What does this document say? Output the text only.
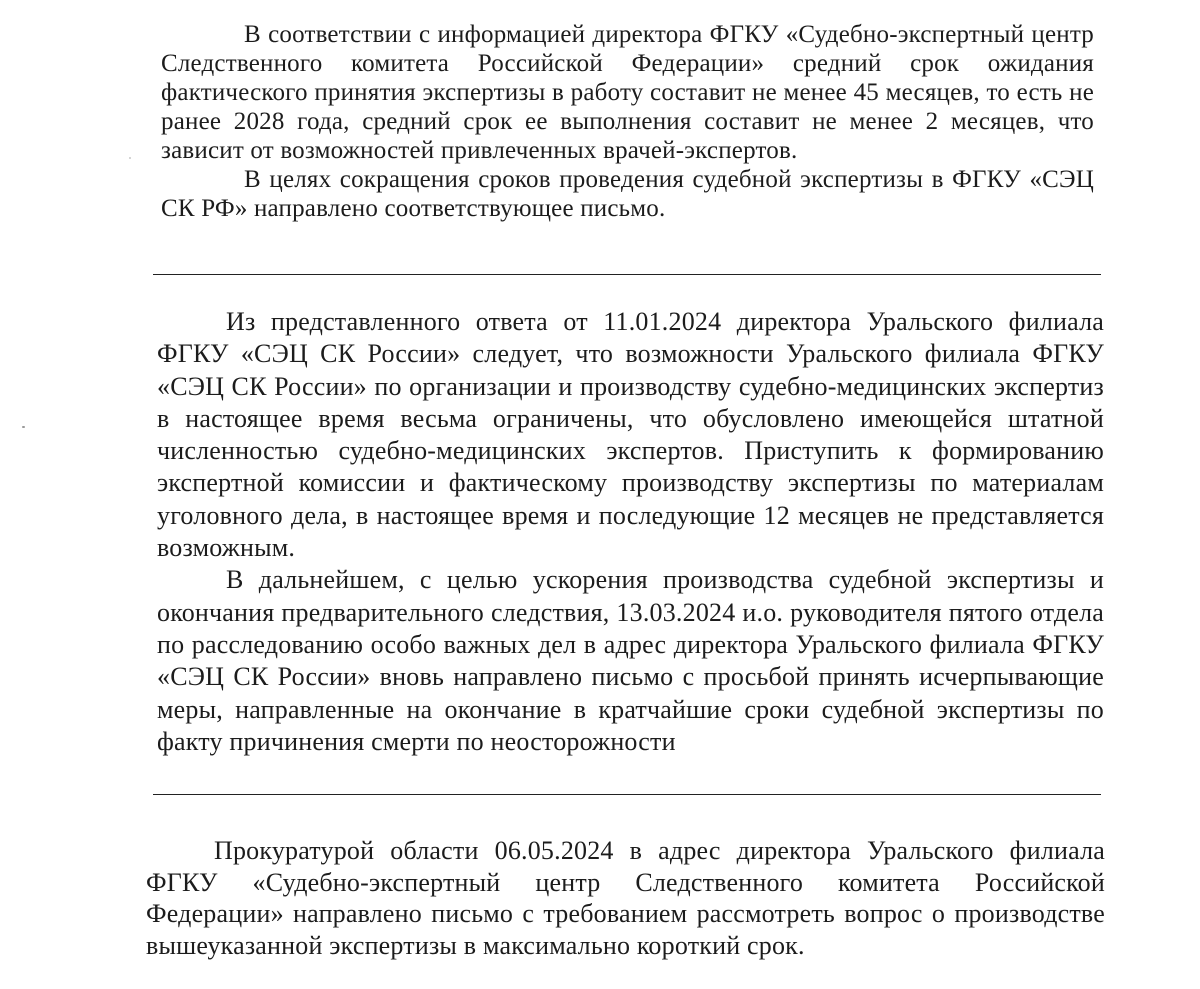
В соответствии с информацией директора ФГКУ «Судебно-экспертный центр Следственного комитета Российской Федерации» средний срок ожидания фактического принятия экспертизы в работу составит не менее 45 месяцев, то есть не ранее 2028 года, средний срок ее выполнения составит не менее 2 месяцев, что зависит от возможностей привлеченных врачей-экспертов.

В целях сокращения сроков проведения судебной экспертизы в ФГКУ «СЭЦ СК РФ» направлено соответствующее письмо.

Из представленного ответа от 11.01.2024 директора Уральского филиала ФГКУ «СЭЦ СК России» следует, что возможности Уральского филиала ФГКУ «СЭЦ СК России» по организации и производству судебно-медицинских экспертиз в настоящее время весьма ограничены, что обусловлено имеющейся штатной численностью судебно-медицинских экспертов. Приступить к формированию экспертной комиссии и фактическому производству экспертизы по материалам уголовного дела, в настоящее время и последующие 12 месяцев не представляется возможным.

В дальнейшем, с целью ускорения производства судебной экспертизы и окончания предварительного следствия, 13.03.2024 и.о. руководителя пятого отдела по расследованию особо важных дел в адрес директора Уральского филиала ФГКУ «СЭЦ СК России» вновь направлено письмо с просьбой принять исчерпывающие меры, направленные на окончание в кратчайшие сроки судебной экспертизы по факту причинения смерти по неосторожности

Прокуратурой области 06.05.2024 в адрес директора Уральского филиала ФГКУ «Судебно-экспертный центр Следственного комитета Российской Федерации» направлено письмо с требованием рассмотреть вопрос о производстве вышеуказанной экспертизы в максимально короткий срок.
